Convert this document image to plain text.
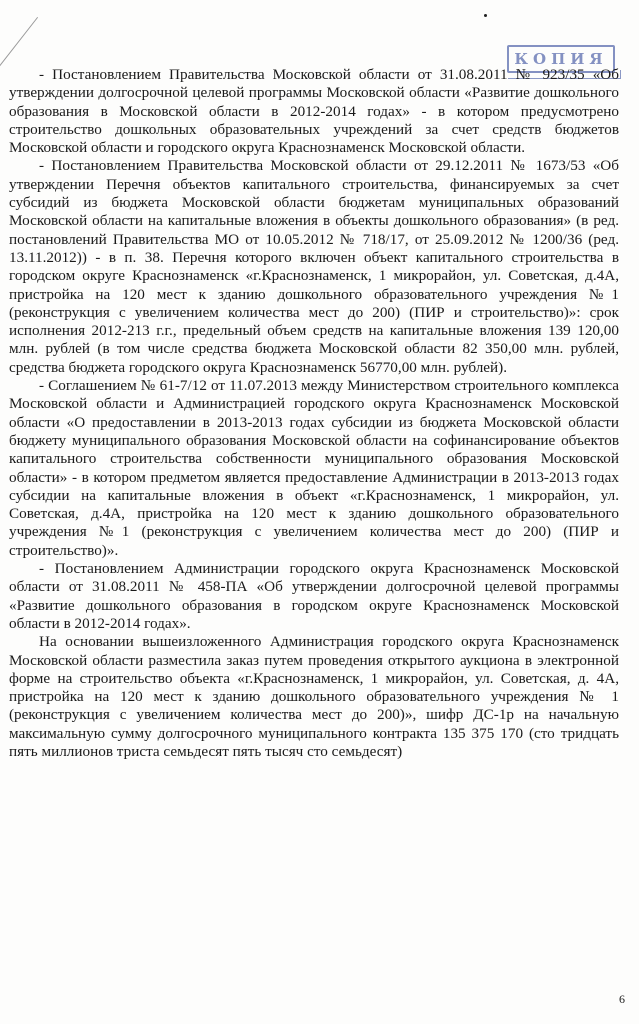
КОПИЯ

- Постановлением Правительства Московской области от 31.08.2011 № 923/35 «Об утверждении долгосрочной целевой программы Московской области «Развитие дошкольного образования в Московской области в 2012-2014 годах» - в котором предусмотрено строительство дошкольных образовательных учреждений за счет средств бюджетов Московской области и городского округа Краснознаменск Московской области.

- Постановлением Правительства Московской области от 29.12.2011 № 1673/53 «Об утверждении Перечня объектов капитального строительства, финансируемых за счет субсидий из бюджета Московской области бюджетам муниципальных образований Московской области на капитальные вложения в объекты дошкольного образования» (в ред. постановлений Правительства МО от 10.05.2012 № 718/17, от 25.09.2012 № 1200/36 (ред. 13.11.2012)) - в п. 38. Перечня которого включен объект капитального строительства в городском округе Краснознаменск «г.Краснознаменск, 1 микрорайон, ул. Советская, д.4А, пристройка на 120 мест к зданию дошкольного образовательного учреждения №1 (реконструкция с увеличением количества мест до 200) (ПИР и строительство)»: срок исполнения 2012-213 г.г., предельный объем средств на капитальные вложения 139 120,00 млн. рублей (в том числе средства бюджета Московской области 82 350,00 млн. рублей, средства бюджета городского округа Краснознаменск 56770,00 млн. рублей).

- Соглашением № 61-7/12 от 11.07.2013 между Министерством строительного комплекса Московской области и Администрацией городского округа Краснознаменск Московской области «О предоставлении в 2013-2013 годах субсидии из бюджета Московской области бюджету муниципального образования Московской области на софинансирование объектов капитального строительства собственности муниципального образования Московской области» - в котором предметом является предоставление Администрации в 2013-2013 годах субсидии на капитальные вложения в объект «г.Краснознаменск, 1 микрорайон, ул. Советская, д.4А, пристройка на 120 мест к зданию дошкольного образовательного учреждения №1 (реконструкция с увеличением количества мест до 200) (ПИР и строительство)».

- Постановлением Администрации городского округа Краснознаменск Московской области от 31.08.2011 № 458-ПА «Об утверждении долгосрочной целевой программы «Развитие дошкольного образования в городском округе Краснознаменск Московской области в 2012-2014 годах».

На основании вышеизложенного Администрация городского округа Краснознаменск Московской области разместила заказ путем проведения открытого аукциона в электронной форме на строительство объекта «г.Краснознаменск, 1 микрорайон, ул. Советская, д. 4А, пристройка на 120 мест к зданию дошкольного образовательного учреждения № 1 (реконструкция с увеличением количества мест до 200)», шифр ДС-1р на начальную максимальную сумму долгосрочного муниципального контракта 135 375 170 (сто тридцать пять миллионов триста семьдесят пять тысяч сто семьдесят)

6
